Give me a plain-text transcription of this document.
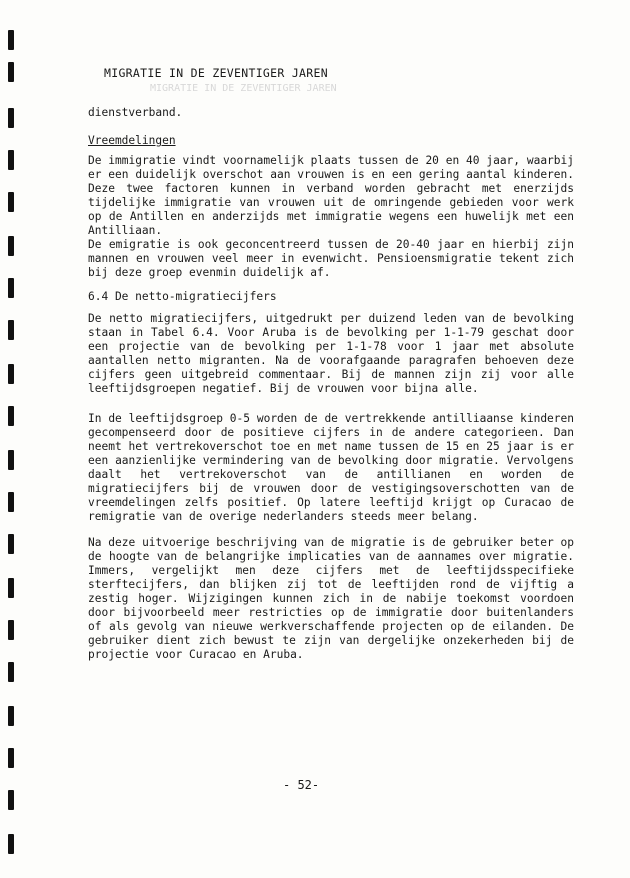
MIGRATIE IN DE ZEVENTIGER JAREN
MIGRATIE IN DE ZEVENTIGER JAREN
dienstverband.
Vreemdelingen
De immigratie vindt voornamelijk plaats tussen de 20 en 40 jaar, waarbij er een duidelijk overschot aan vrouwen is en een gering aantal kinderen. Deze twee factoren kunnen in verband worden gebracht met enerzijds tijdelijke immigratie van vrouwen uit de omringende gebieden voor werk op de Antillen en anderzijds met immigratie wegens een huwelijk met een Antilliaan.
De emigratie is ook geconcentreerd tussen de 20-40 jaar en hierbij zijn mannen en vrouwen veel meer in evenwicht. Pensioensmigratie tekent zich bij deze groep evenmin duidelijk af.
6.4 De netto-migratiecijfers
De netto migratiecijfers, uitgedrukt per duizend leden van de bevolking staan in Tabel 6.4. Voor Aruba is de bevolking per 1-1-79 geschat door een projectie van de bevolking per 1-1-78 voor 1 jaar met absolute aantallen netto migranten. Na de voorafgaande paragrafen behoeven deze cijfers geen uitgebreid commentaar. Bij de mannen zijn zij voor alle leeftijdsgroepen negatief. Bij de vrouwen voor bijna alle.
In de leeftijdsgroep 0-5 worden de de vertrekkende antilliaanse kinderen gecompenseerd door de positieve cijfers in de andere categorieen. Dan neemt het vertrekoverschot toe en met name tussen de 15 en 25 jaar is er een aanzienlijke vermindering van de bevolking door migratie. Vervolgens daalt het vertrekoverschot van de antillianen en worden de migratiecijfers bij de vrouwen door de vestigingsoverschotten van de vreemdelingen zelfs positief. Op latere leeftijd krijgt op Curacao de remigratie van de overige nederlanders steeds meer belang.
Na deze uitvoerige beschrijving van de migratie is de gebruiker beter op de hoogte van de belangrijke implicaties van de aannames over migratie. Immers, vergelijkt men deze cijfers met de leeftijdsspecifieke sterftecijfers, dan blijken zij tot de leeftijden rond de vijftig a zestig hoger. Wijzigingen kunnen zich in de nabije toekomst voordoen door bijvoorbeeld meer restricties op de immigratie door buitenlanders of als gevolg van nieuwe werkverschaffende projecten op de eilanden. De gebruiker dient zich bewust te zijn van dergelijke onzekerheden bij de projectie voor Curacao en Aruba.
- 52-
